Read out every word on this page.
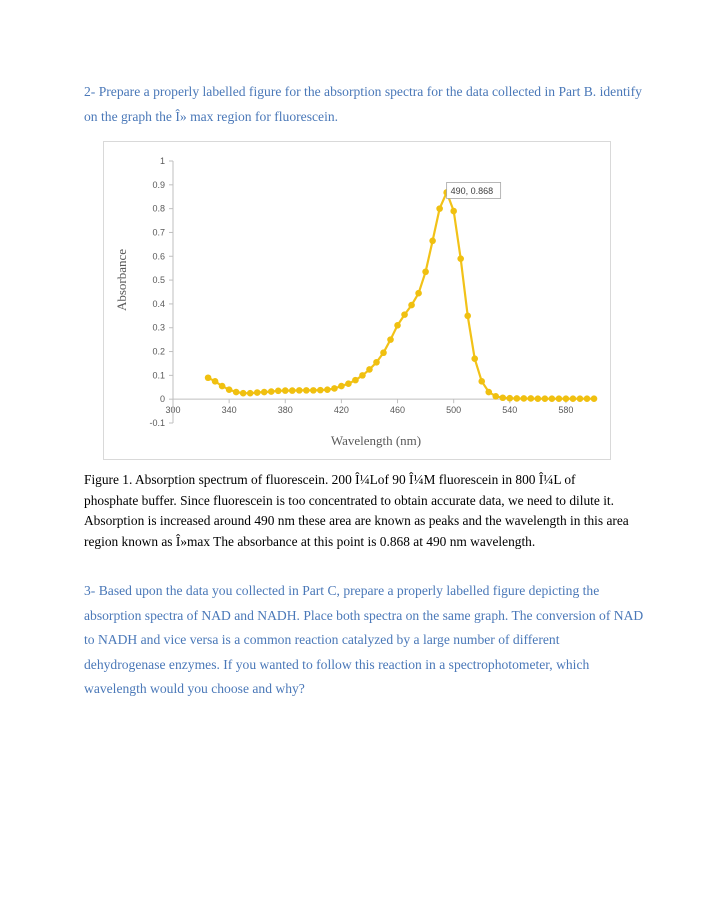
2- Prepare a properly labelled figure for the absorption spectra for the data collected in Part B. identify on the graph the Î» max region for fluorescein.

-0.1
0
0.1
0.2
0.3
0.4
0.5
0.6
0.7
0.8
0.9
1
300	340	380	420	460	500	540	580
490, 0.868
Wavelength (nm)
Absorbance

Figure 1. Absorption spectrum of fluorescein. 200 Î¼Lof 90 Î¼M fluorescein in 800 Î¼L of phosphate buffer. Since fluorescein is too concentrated to obtain accurate data, we need to dilute it. Absorption is increased around 490 nm these area are known as peaks and the wavelength in this area region known as Î»max The absorbance at this point is 0.868 at 490 nm wavelength.

3- Based upon the data you collected in Part C, prepare a properly labelled figure depicting the absorption spectra of NAD and NADH. Place both spectra on the same graph. The conversion of NAD to NADH and vice versa is a common reaction catalyzed by a large number of different dehydrogenase enzymes. If you wanted to follow this reaction in a spectrophotometer, which wavelength would you choose and why?
